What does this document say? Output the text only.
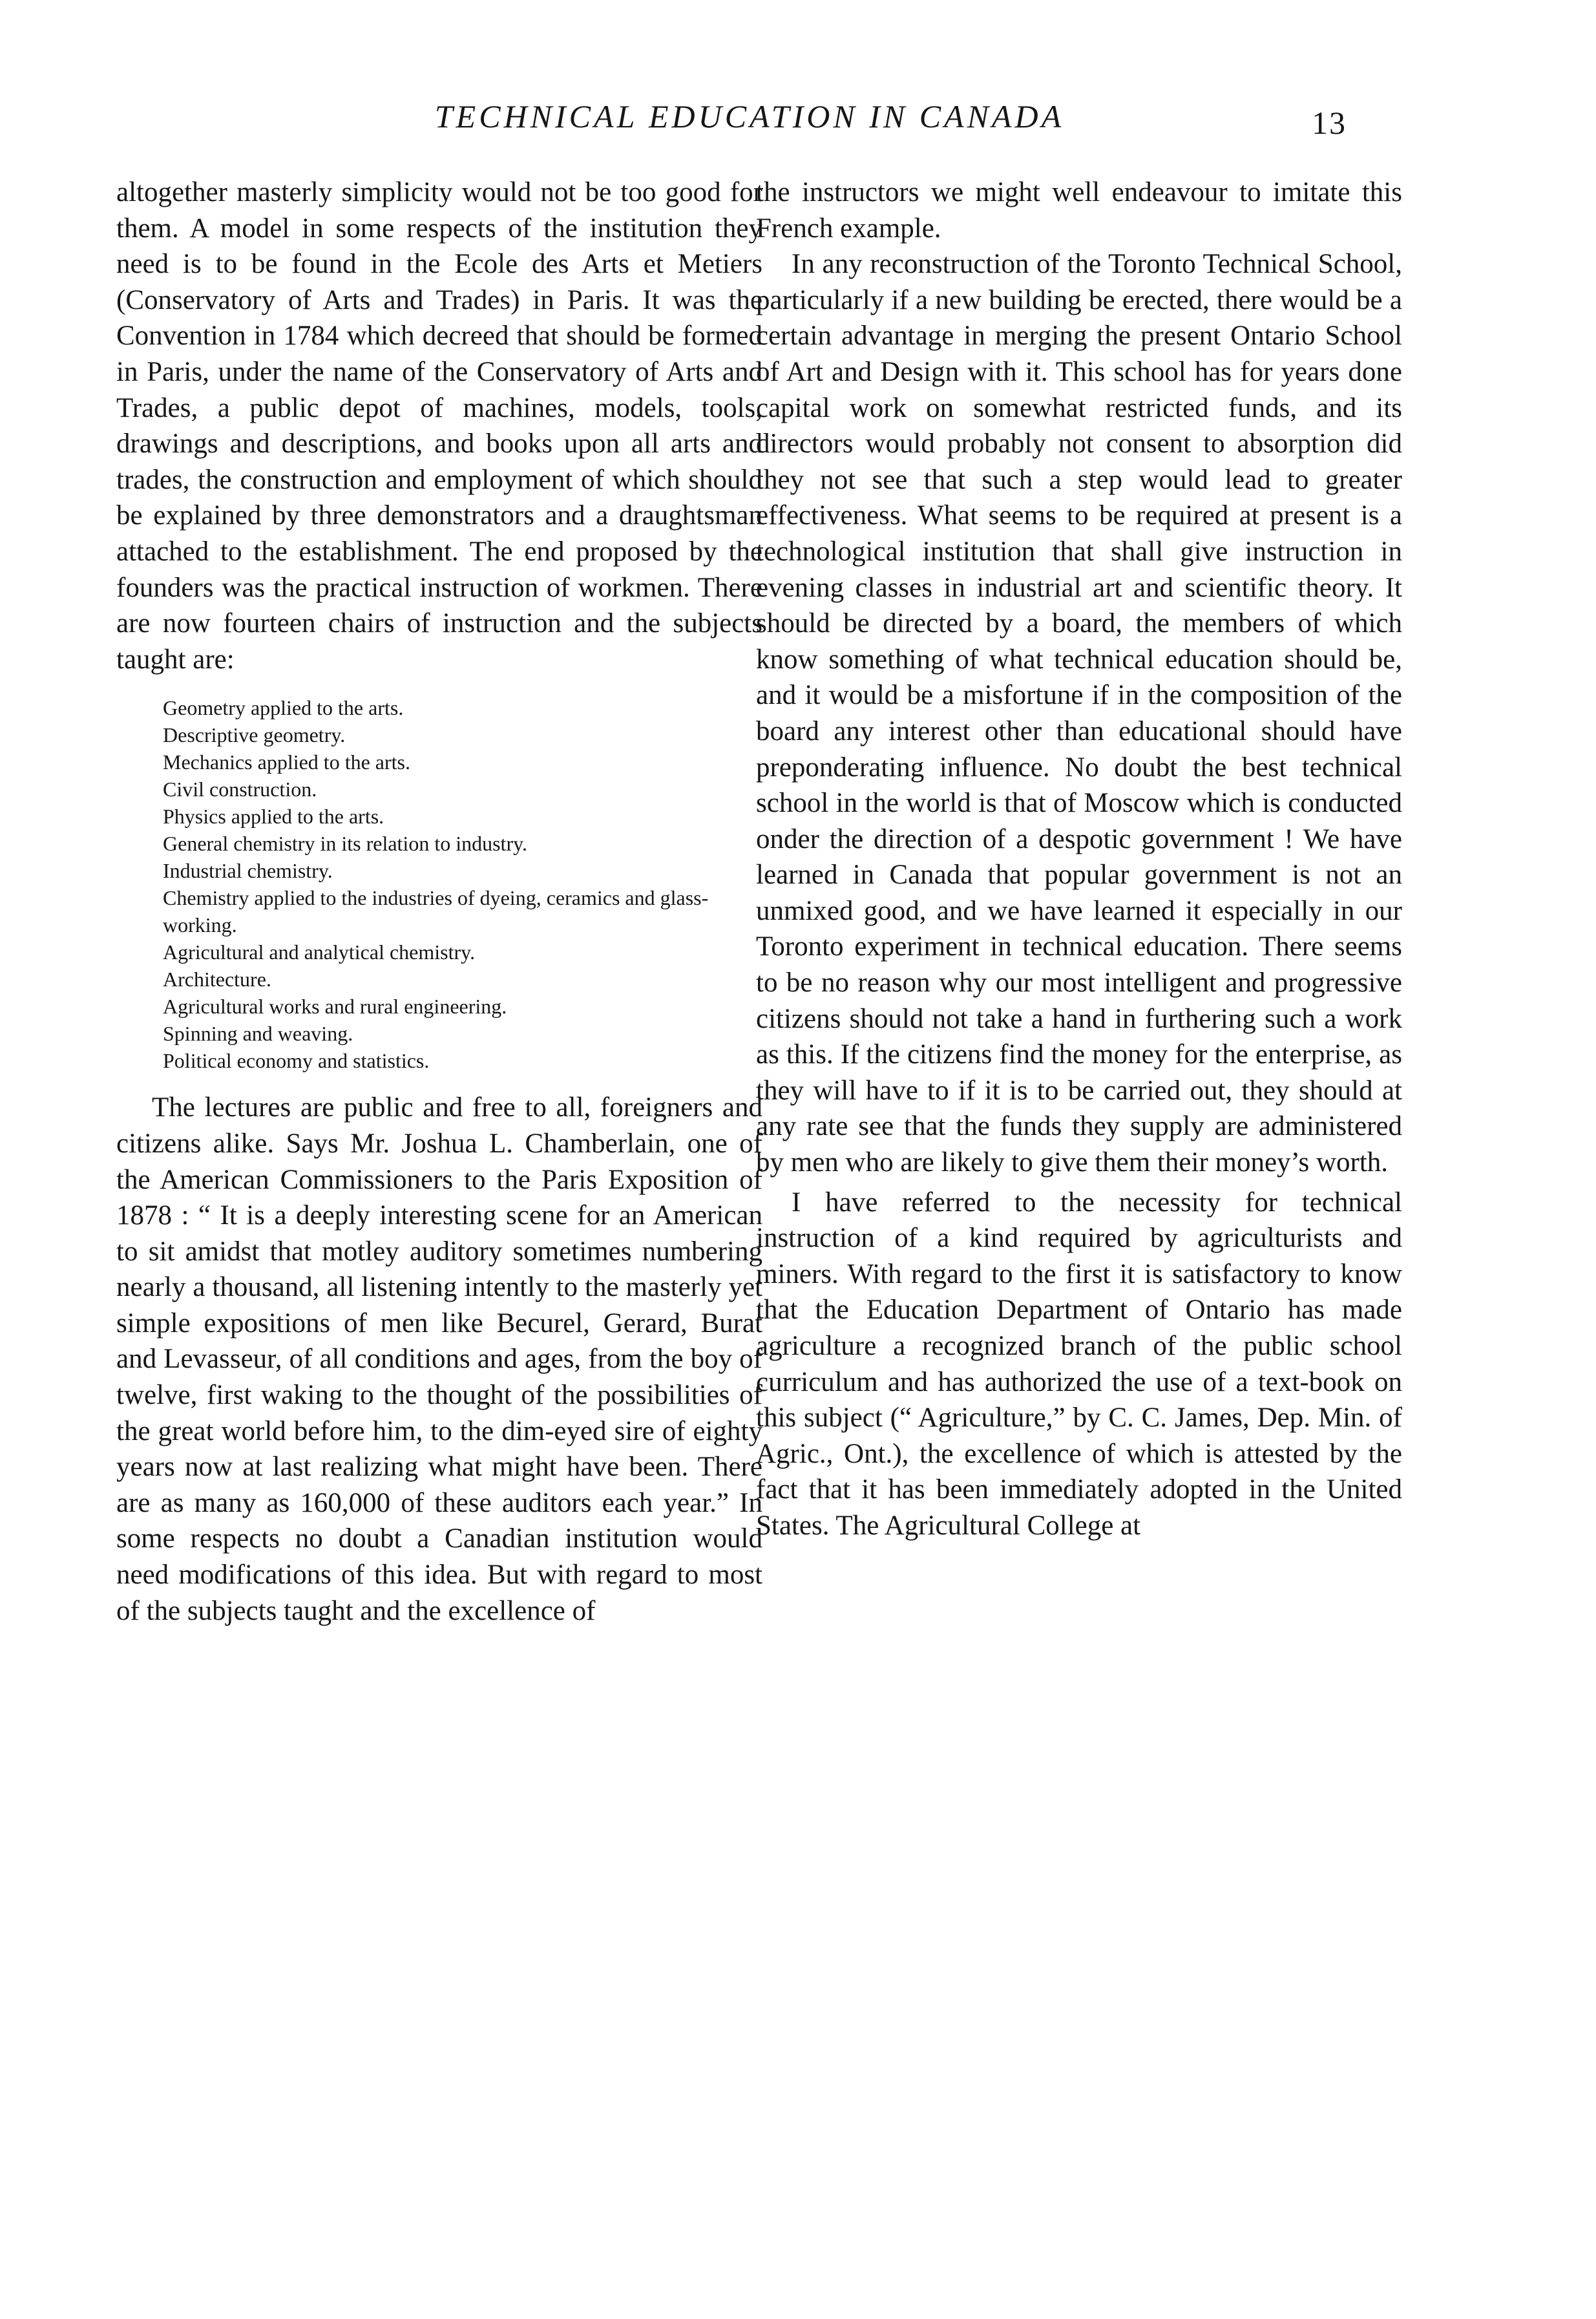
TECHNICAL EDUCATION IN CANADA	13

altogether masterly simplicity would not be too good for them. A model in some respects of the institution they need is to be found in the Ecole des Arts et Metiers (Conservatory of Arts and Trades) in Paris. It was the Convention in 1784 which decreed that should be formed in Paris, under the name of the Conservatory of Arts and Trades, a public depot of machines, models, tools, drawings and descriptions, and books upon all arts and trades, the construction and employment of which should be explained by three demonstrators and a draughtsman attached to the establishment. The end proposed by the founders was the practical instruction of workmen. There are now fourteen chairs of instruction and the subjects taught are:

Geometry applied to the arts.
Descriptive geometry.
Mechanics applied to the arts.
Civil construction.
Physics applied to the arts.
General chemistry in its relation to industry.
Industrial chemistry.
Chemistry applied to the industries of dyeing, ceramics and glass-working.
Agricultural and analytical chemistry.
Architecture.
Agricultural works and rural engineering.
Spinning and weaving.
Political economy and statistics.

The lectures are public and free to all, foreigners and citizens alike. Says Mr. Joshua L. Chamberlain, one of the American Commissioners to the Paris Exposition of 1878 : “ It is a deeply interesting scene for an American to sit amidst that motley auditory sometimes numbering nearly a thousand, all listening intently to the masterly yet simple expositions of men like Becurel, Gerard, Burat and Levasseur, of all conditions and ages, from the boy of twelve, first waking to the thought of the possibilities of the great world before him, to the dim-eyed sire of eighty years now at last realizing what might have been. There are as many as 160,000 of these auditors each year.” In some respects no doubt a Canadian institution would need modifications of this idea. But with regard to most of the subjects taught and the excellence of

the instructors we might well endeavour to imitate this French example.

In any reconstruction of the Toronto Technical School, particularly if a new building be erected, there would be a certain advantage in merging the present Ontario School of Art and Design with it. This school has for years done capital work on somewhat restricted funds, and its directors would probably not consent to absorption did they not see that such a step would lead to greater effectiveness. What seems to be required at present is a technological institution that shall give instruction in evening classes in industrial art and scientific theory. It should be directed by a board, the members of which know something of what technical education should be, and it would be a misfortune if in the composition of the board any interest other than educational should have preponderating influence. No doubt the best technical school in the world is that of Moscow which is conducted onder the direction of a despotic government ! We have learned in Canada that popular government is not an unmixed good, and we have learned it especially in our Toronto experiment in technical education. There seems to be no reason why our most intelligent and progressive citizens should not take a hand in furthering such a work as this. If the citizens find the money for the enterprise, as they will have to if it is to be carried out, they should at any rate see that the funds they supply are administered by men who are likely to give them their money’s worth.

I have referred to the necessity for technical instruction of a kind required by agriculturists and miners. With regard to the first it is satisfactory to know that the Education Department of Ontario has made agriculture a recognized branch of the public school curriculum and has authorized the use of a text-book on this subject (“ Agriculture,” by C. C. James, Dep. Min. of Agric., Ont.), the excellence of which is attested by the fact that it has been immediately adopted in the United States. The Agricultural College at
